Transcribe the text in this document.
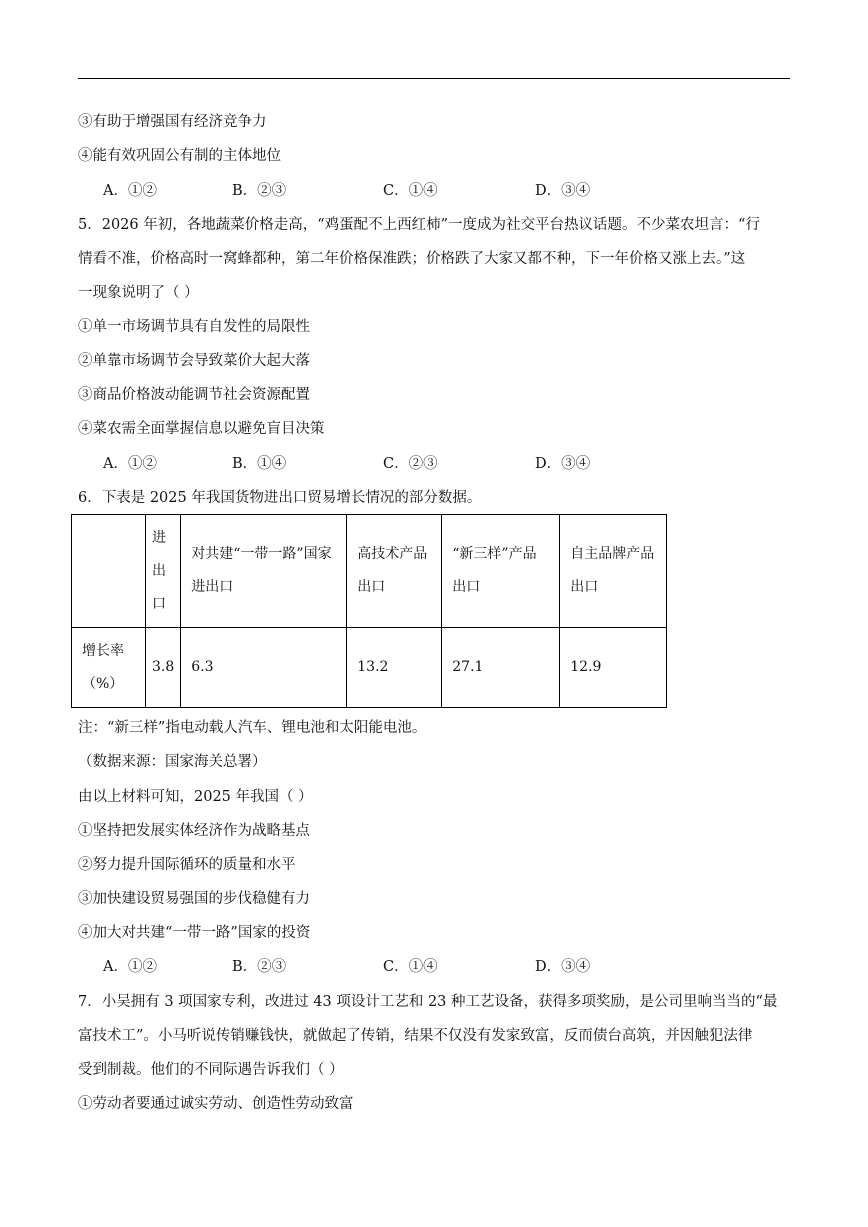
③有助于增强国有经济竞争力
④能有效巩固公有制的主体地位
A．①②	B．②③	C．①④	D．③④
5．2026 年初，各地蔬菜价格走高，“鸡蛋配不上西红柿”一度成为社交平台热议话题。不少菜农坦言：“行
情看不准，价格高时一窝蜂都种，第二年价格保准跌；价格跌了大家又都不种，下一年价格又涨上去。”这
一现象说明了（ ）
①单一市场调节具有自发性的局限性
②单靠市场调节会导致菜价大起大落
③商品价格波动能调节社会资源配置
④菜农需全面掌握信息以避免盲目决策
A．①②	B．①④	C．②③	D．③④
6．下表是 2025 年我国货物进出口贸易增长情况的部分数据。
	进出口	对共建“一带一路”国家进出口	高技术产品出口	“新三样”产品出口	自主品牌产品出口
增长率（%）	3.8	6.3	13.2	27.1	12.9
注：“新三样”指电动载人汽车、锂电池和太阳能电池。
（数据来源：国家海关总署）
由以上材料可知，2025 年我国（ ）
①坚持把发展实体经济作为战略基点
②努力提升国际循环的质量和水平
③加快建设贸易强国的步伐稳健有力
④加大对共建“一带一路”国家的投资
A．①②	B．②③	C．①④	D．③④
7．小吴拥有 3 项国家专利，改进过 43 项设计工艺和 23 种工艺设备，获得多项奖励，是公司里响当当的“最
富技术工”。小马听说传销赚钱快，就做起了传销，结果不仅没有发家致富，反而债台高筑，并因触犯法律
受到制裁。他们的不同际遇告诉我们（ ）
①劳动者要通过诚实劳动、创造性劳动致富
